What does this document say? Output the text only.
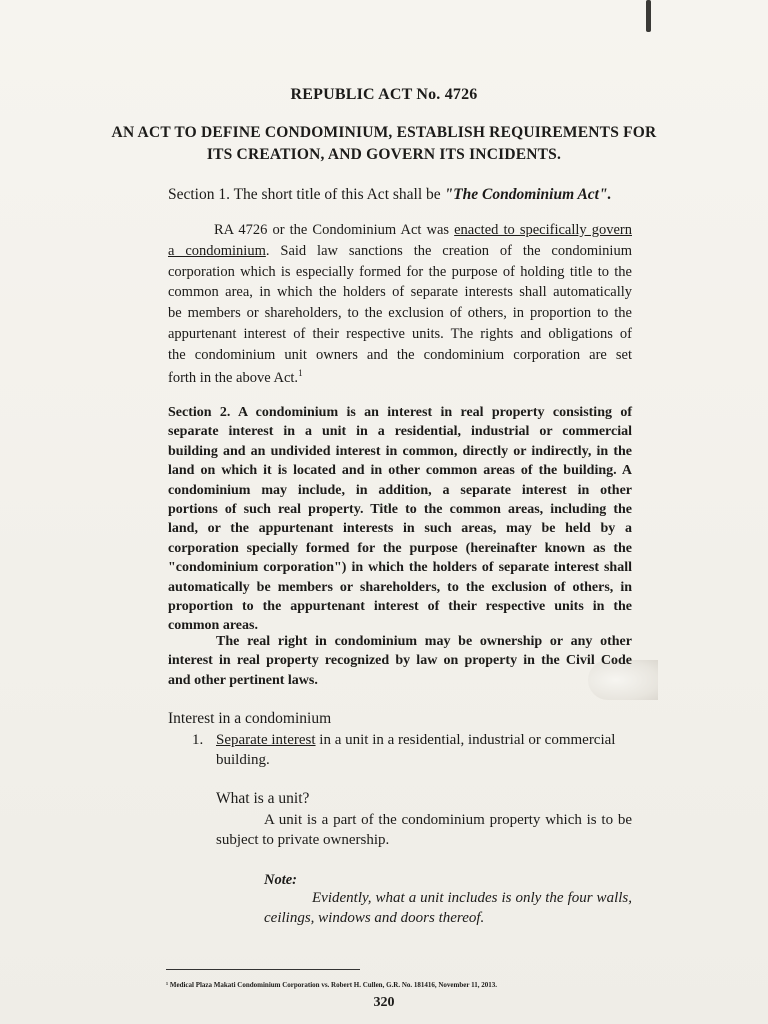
REPUBLIC ACT No. 4726
AN ACT TO DEFINE CONDOMINIUM, ESTABLISH REQUIREMENTS FOR
ITS CREATION, AND GOVERN ITS INCIDENTS.
Section 1. The short title of this Act shall be "The Condominium Act".
RA 4726 or the Condominium Act was enacted to specifically govern
a condominium. Said law sanctions the creation of the condominium
corporation which is especially formed for the purpose of holding title to the
common area, in which the holders of separate interests shall automatically
be members or shareholders, to the exclusion of others, in proportion to the
appurtenant interest of their respective units. The rights and obligations of
the condominium unit owners and the condominium corporation are set
forth in the above Act.$^1$
Section 2. A condominium is an interest in real property consisting of
separate interest in a unit in a residential, industrial or commercial
building and an undivided interest in common, directly or indirectly, in the
land on which it is located and in other common areas of the building. A
condominium may include, in addition, a separate interest in other
portions of such real property. Title to the common areas, including the
land, or the appurtenant interests in such areas, may be held by a
corporation specially formed for the purpose (hereinafter known as the
"condominium corporation") in which the holders of separate interest shall
automatically be members or shareholders, to the exclusion of others, in
proportion to the appurtenant interest of their respective units in the
common areas.
The real right in condominium may be ownership or any other
interest in real property recognized by law on property in the Civil Code
and other pertinent laws.
Interest in a condominium
1. Separate interest in a unit in a residential, industrial or commercial
building.
What is a unit?
A unit is a part of the condominium property which is to be
subject to private ownership.
Note:
Evidently, what a unit includes is only the four walls,
ceilings, windows and doors thereof.
¹ Medical Plaza Makati Condominium Corporation vs. Robert H. Cullen, G.R. No. 181416, November 11, 2013.
320
